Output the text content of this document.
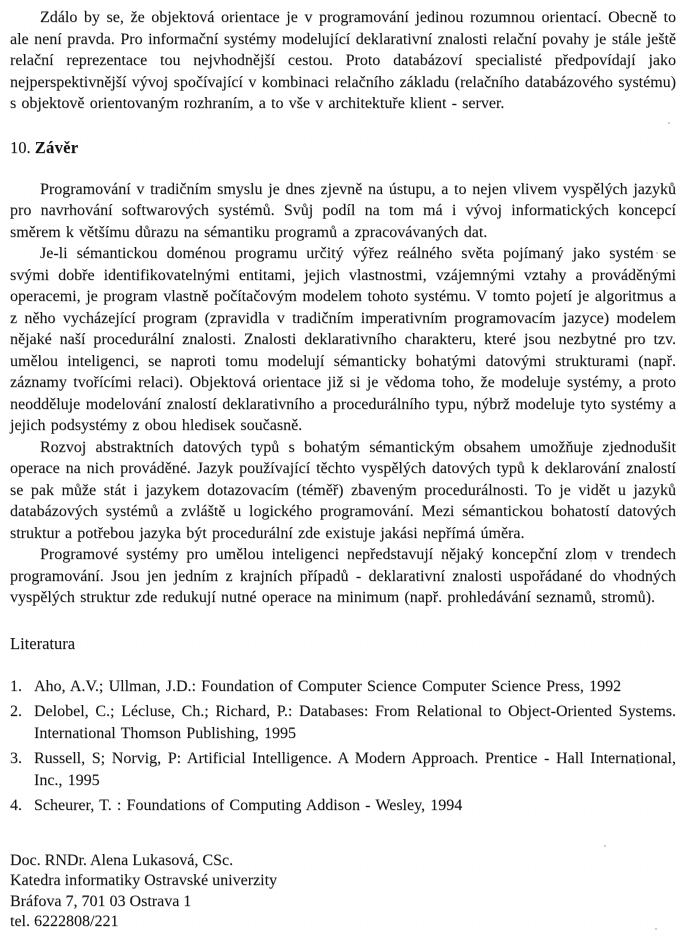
Zdálo by se, že objektová orientace je v programování jedinou rozumnou orientací. Obecně to ale není pravda. Pro informační systémy modelující deklarativní znalosti relační povahy je stále ještě relační reprezentace tou nejvhodnější cestou. Proto databázoví specialisté předpovídají jako nejperspektivnější vývoj spočívající v kombinaci relačního základu (relačního databázového systému) s objektově orientovaným rozhraním, a to vše v architektuře klient - server.

10. Závěr

Programování v tradičním smyslu je dnes zjevně na ústupu, a to nejen vlivem vyspělých jazyků pro navrhování softwarových systémů. Svůj podíl na tom má i vývoj informatických koncepcí směrem k většímu důrazu na sémantiku programů a zpracovávaných dat.

Je-li sémantickou doménou programu určitý výřez reálného světa pojímaný jako systém se svými dobře identifikovatelnými entitami, jejich vlastnostmi, vzájemnými vztahy a prováděnými operacemi, je program vlastně počítačovým modelem tohoto systému. V tomto pojetí je algoritmus a z něho vycházející program (zpravidla v tradičním imperativním programovacím jazyce) modelem nějaké naší procedurální znalosti. Znalosti deklarativního charakteru, které jsou nezbytné pro tzv. umělou inteligenci, se naproti tomu modelují sémanticky bohatými datovými strukturami (např. záznamy tvořícími relaci). Objektová orientace již si je vědoma toho, že modeluje systémy, a proto neodděluje modelování znalostí deklarativního a procedurálního typu, nýbrž modeluje tyto systémy a jejich podsystémy z obou hledisek současně.

Rozvoj abstraktních datových typů s bohatým sémantickým obsahem umožňuje zjednodušit operace na nich prováděné. Jazyk používající těchto vyspělých datových typů k deklarování znalostí se pak může stát i jazykem dotazovacím (téměř) zbaveným procedurálnosti. To je vidět u jazyků databázových systémů a zvláště u logického programování. Mezi sémantickou bohatostí datových struktur a potřebou jazyka být procedurální zde existuje jakási nepřímá úměra.

Programové systémy pro umělou inteligenci nepředstavují nějaký koncepční zlom v trendech programování. Jsou jen jedním z krajních případů - deklarativní znalosti uspořádané do vhodných vyspělých struktur zde redukují nutné operace na minimum (např. prohledávání seznamů, stromů).

Literatura
1. Aho, A.V.; Ullman, J.D.: Foundation of Computer Science Computer Science Press, 1992
2. Delobel, C.; Lécluse, Ch.; Richard, P.: Databases: From Relational to Object-Oriented Systems. International Thomson Publishing, 1995
3. Russell, S; Norvig, P: Artificial Intelligence. A Modern Approach. Prentice - Hall International, Inc., 1995
4. Scheurer, T. : Foundations of Computing Addison - Wesley, 1994
Doc. RNDr. Alena Lukasová, CSc.
Katedra informatiky Ostravské univerzity
Bráfova 7, 701 03 Ostrava 1
tel. 6222808/221
